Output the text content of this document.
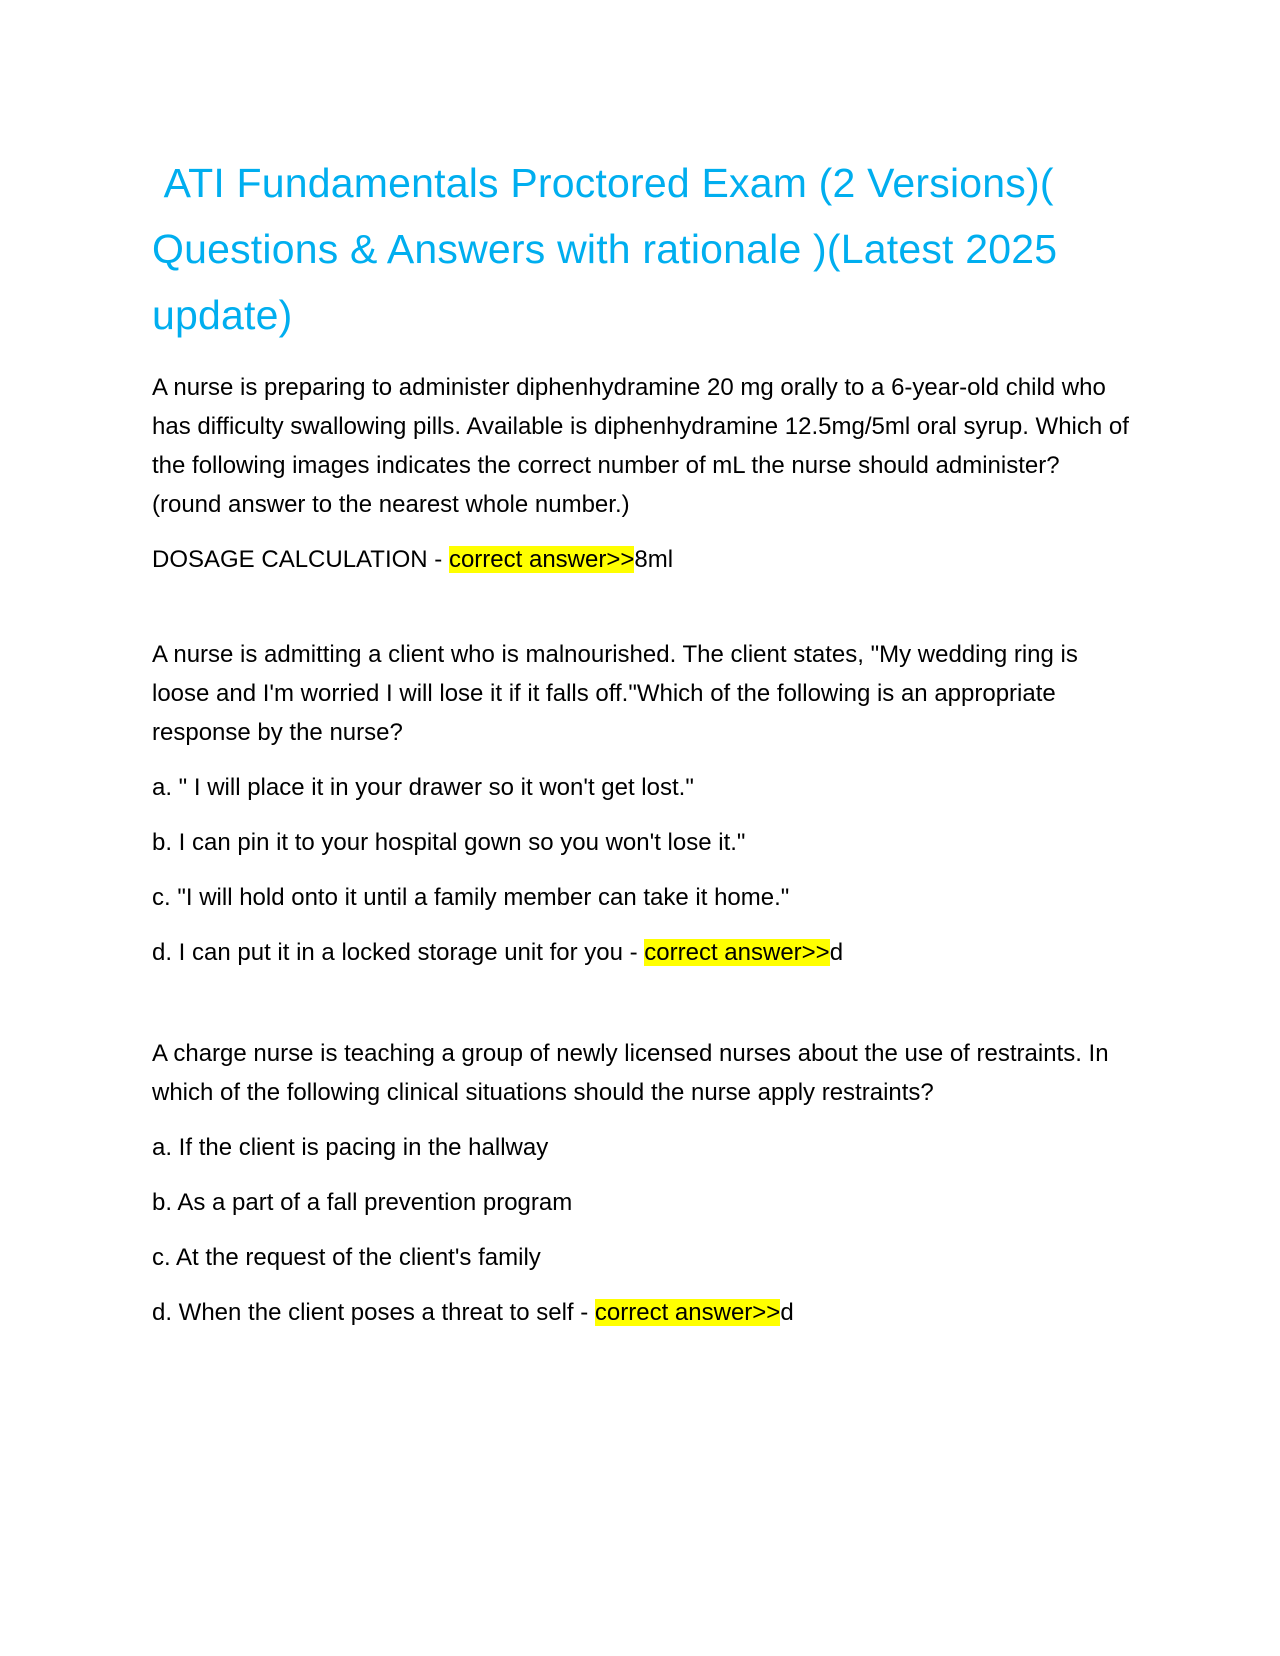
ATI Fundamentals Proctored Exam (2 Versions)( Questions & Answers with rationale )(Latest 2025 update)
A nurse is preparing to administer diphenhydramine 20 mg orally to a 6-year-old child who has difficulty swallowing pills. Available is diphenhydramine 12.5mg/5ml oral syrup. Which of the following images indicates the correct number of mL the nurse should administer? (round answer to the nearest whole number.)
DOSAGE CALCULATION - correct answer>>8ml
A nurse is admitting a client who is malnourished. The client states, "My wedding ring is loose and I'm worried I will lose it if it falls off."Which of the following is an appropriate response by the nurse?
a. " I will place it in your drawer so it won't get lost."
b. I can pin it to your hospital gown so you won't lose it."
c. "I will hold onto it until a family member can take it home."
d. I can put it in a locked storage unit for you - correct answer>>d
A charge nurse is teaching a group of newly licensed nurses about the use of restraints. In which of the following clinical situations should the nurse apply restraints?
a. If the client is pacing in the hallway
b. As a part of a fall prevention program
c. At the request of the client's family
d. When the client poses a threat to self - correct answer>>d
